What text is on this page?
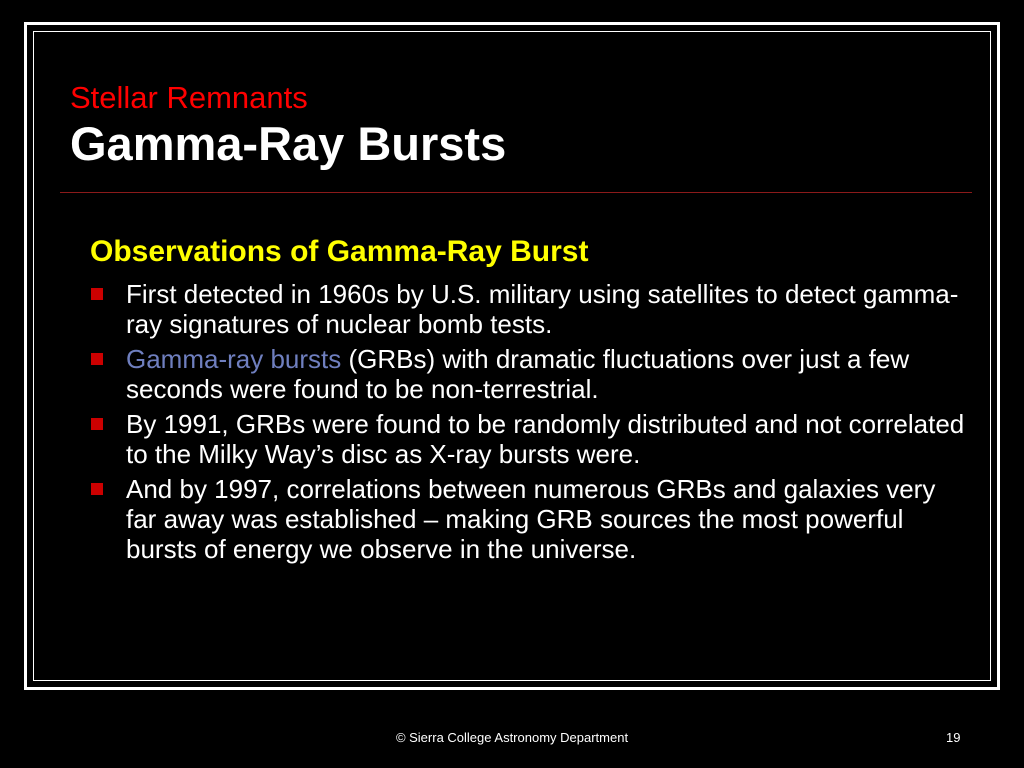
Stellar Remnants
Gamma-Ray Bursts
Observations of Gamma-Ray Burst
First detected in 1960s by U.S. military using satellites to detect gamma-ray signatures of nuclear bomb tests.
Gamma-ray bursts (GRBs) with dramatic fluctuations over just a few seconds were found to be non-terrestrial.
By 1991, GRBs were found to be randomly distributed and not correlated to the Milky Way’s disc as X-ray bursts were.
And by 1997, correlations between numerous GRBs and galaxies very far away was established – making GRB sources the most powerful bursts of energy we observe in the universe.
© Sierra College Astronomy Department	19
